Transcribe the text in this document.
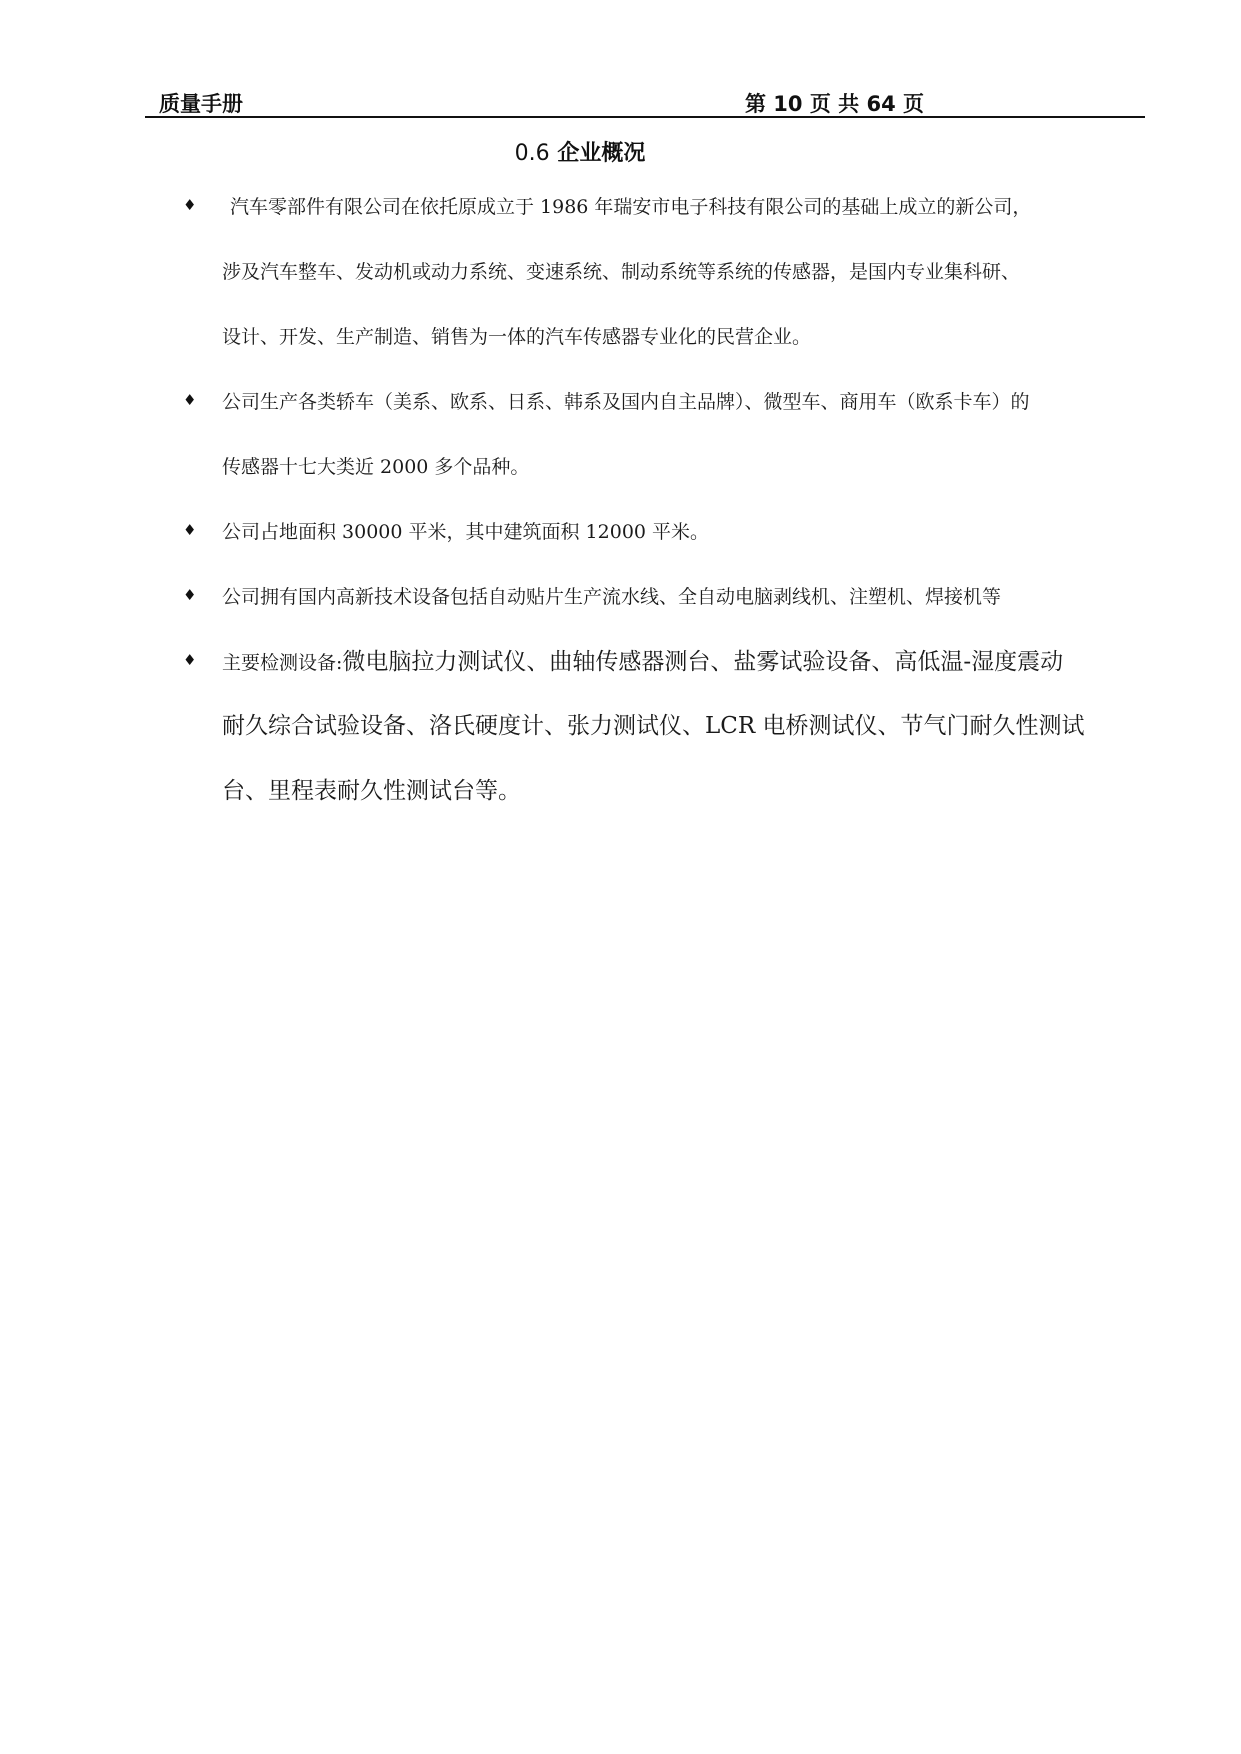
质量手册	第 10 页 共 64 页
0.6 企业概况
♦ 汽车零部件有限公司在依托原成立于 1986 年瑞安市电子科技有限公司的基础上成立的新公司，
涉及汽车整车、发动机或动力系统、变速系统、制动系统等系统的传感器，是国内专业集科研、
设计、开发、生产制造、销售为一体的汽车传感器专业化的民营企业。
♦ 公司生产各类轿车（美系、欧系、日系、韩系及国内自主品牌）、微型车、商用车（欧系卡车）的
传感器十七大类近 2000 多个品种。
♦ 公司占地面积 30000 平米，其中建筑面积 12000 平米。
♦ 公司拥有国内高新技术设备包括自动贴片生产流水线、全自动电脑剥线机、注塑机、焊接机等
♦ 主要检测设备:微电脑拉力测试仪、曲轴传感器测台、盐雾试验设备、高低温-湿度震动
耐久综合试验设备、洛氏硬度计、张力测试仪、LCR 电桥测试仪、节气门耐久性测试
台、里程表耐久性测试台等。
